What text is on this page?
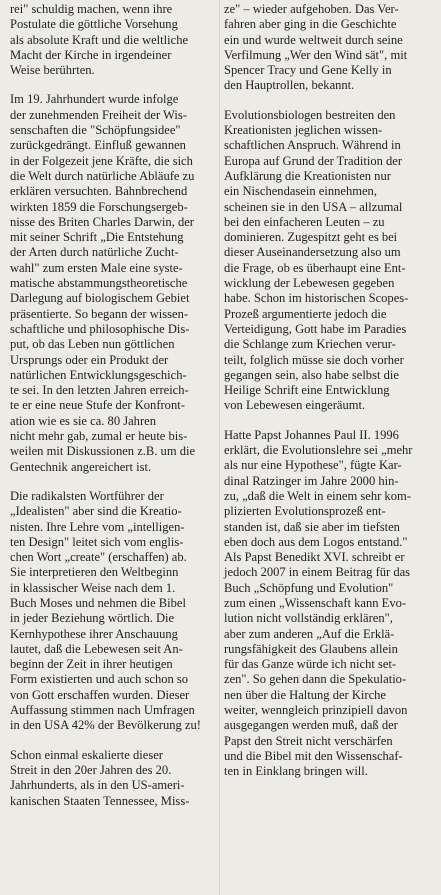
rei" schuldig machen, wenn ihre
Postulate die göttliche Vorsehung
als absolute Kraft und die weltliche
Macht der Kirche in irgendeiner
Weise berührten.

Im 19. Jahrhundert wurde infolge
der zunehmenden Freiheit der Wis-
senschaften die "Schöpfungsidee"
zurückgedrängt. Einfluß gewannen
in der Folgezeit jene Kräfte, die sich
die Welt durch natürliche Abläufe zu
erklären versuchten. Bahnbrechend
wirkten 1859 die Forschungsergeb-
nisse des Briten Charles Darwin, der
mit seiner Schrift „Die Entstehung
der Arten durch natürliche Zucht-
wahl" zum ersten Male eine syste-
matische abstammungstheoretische
Darlegung auf biologischem Gebiet
präsentierte. So begann der wissen-
schaftliche und philosophische Dis-
put, ob das Leben nun göttlichen
Ursprungs oder ein Produkt der
natürlichen Entwicklungsgeschich-
te sei. In den letzten Jahren erreich-
te er eine neue Stufe der Konfront-
ation wie es sie ca. 80 Jahren
nicht mehr gab, zumal er heute bis-
weilen mit Diskussionen z.B. um die
Gentechnik angereichert ist.

Die radikalsten Wortführer der
„Idealisten" aber sind die Kreatio-
nisten. Ihre Lehre vom „intelligen-
ten Design" leitet sich vom englis-
chen Wort „create" (erschaffen) ab.
Sie interpretieren den Weltbeginn
in klassischer Weise nach dem 1.
Buch Moses und nehmen die Bibel
in jeder Beziehung wörtlich. Die
Kernhypothese ihrer Anschauung
lautet, daß die Lebewesen seit An-
beginn der Zeit in ihrer heutigen
Form existierten und auch schon so
von Gott erschaffen wurden. Dieser
Auffassung stimmen nach Umfragen
in den USA 42% der Bevölkerung zu!

Schon einmal eskalierte dieser
Streit in den 20er Jahren des 20.
Jahrhunderts, als in den US-ameri-
kanischen Staaten Tennessee, Miss-

ze" – wieder aufgehoben. Das Ver-
fahren aber ging in die Geschichte
ein und wurde weltweit durch seine
Verfilmung „Wer den Wind sät", mit
Spencer Tracy und Gene Kelly in
den Hauptrollen, bekannt.

Evolutionsbiologen bestreiten den
Kreationisten jeglichen wissen-
schaftlichen Anspruch. Während in
Europa auf Grund der Tradition der
Aufklärung die Kreationisten nur
ein Nischendasein einnehmen,
scheinen sie in den USA – allzumal
bei den einfacheren Leuten – zu
dominieren. Zugespitzt geht es bei
dieser Auseinandersetzung also um
die Frage, ob es überhaupt eine Ent-
wicklung der Lebewesen gegeben
habe. Schon im historischen Scopes-
Prozeß argumentierte jedoch die
Verteidigung, Gott habe im Paradies
die Schlange zum Kriechen verur-
teilt, folglich müsse sie doch vorher
gegangen sein, also habe selbst die
Heilige Schrift eine Entwicklung
von Lebewesen eingeräumt.

Hatte Papst Johannes Paul II. 1996
erklärt, die Evolutionslehre sei „mehr
als nur eine Hypothese", fügte Kar-
dinal Ratzinger im Jahre 2000 hin-
zu, „daß die Welt in einem sehr kom-
plizierten Evolutionsprozeß ent-
standen ist, daß sie aber im tiefsten
eben doch aus dem Logos entstand."
Als Papst Benedikt XVI. schreibt er
jedoch 2007 in einem Beitrag für das
Buch „Schöpfung und Evolution"
zum einen „Wissenschaft kann Evo-
lution nicht vollständig erklären",
aber zum anderen „Auf die Erklä-
rungsfähigkeit des Glaubens allein
für das Ganze würde ich nicht set-
zen". So gehen dann die Spekulatio-
nen über die Haltung der Kirche
weiter, wenngleich prinzipiell davon
ausgegangen werden muß, daß der
Papst den Streit nicht verschärfen
und die Bibel mit den Wissenschaf-
ten in Einklang bringen will.
